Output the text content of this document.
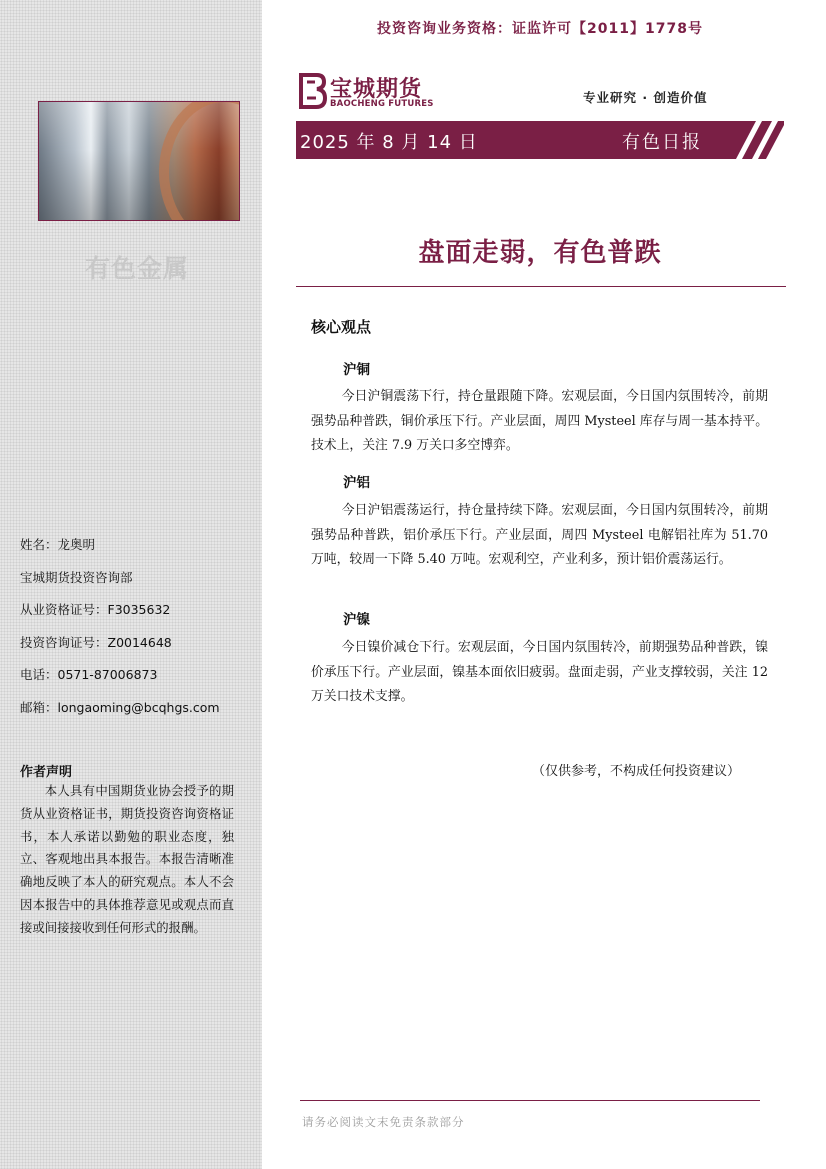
有色金属
姓名：龙奥明
宝城期货投资咨询部
从业资格证号：F3035632
投资咨询证号：Z0014648
电话：0571-87006873
邮箱：longaoming@bcqhgs.com
作者声明
本人具有中国期货业协会授予的期货从业资格证书，期货投资咨询资格证书，本人承诺以勤勉的职业态度，独立、客观地出具本报告。本报告清晰准确地反映了本人的研究观点。本人不会因本报告中的具体推荐意见或观点而直接或间接接收到任何形式的报酬。
投资咨询业务资格：证监许可【2011】1778号
宝城期货
BAOCHENG FUTURES	专业研究 · 创造价值
2025 年 8 月 14 日	有色日报
盘面走弱，有色普跌
核心观点
沪铜
今日沪铜震荡下行，持仓量跟随下降。宏观层面，今日国内氛围转冷，前期强势品种普跌，铜价承压下行。产业层面，周四 Mysteel 库存与周一基本持平。技术上，关注 7.9 万关口多空博弈。
沪铝
今日沪铝震荡运行，持仓量持续下降。宏观层面，今日国内氛围转冷，前期强势品种普跌，铝价承压下行。产业层面，周四 Mysteel 电解铝社库为 51.70 万吨，较周一下降 5.40 万吨。宏观利空，产业利多，预计铝价震荡运行。
沪镍
今日镍价减仓下行。宏观层面，今日国内氛围转冷，前期强势品种普跌，镍价承压下行。产业层面，镍基本面依旧疲弱。盘面走弱，产业支撑较弱，关注 12 万关口技术支撑。
（仅供参考，不构成任何投资建议）
请务必阅读文末免责条款部分
